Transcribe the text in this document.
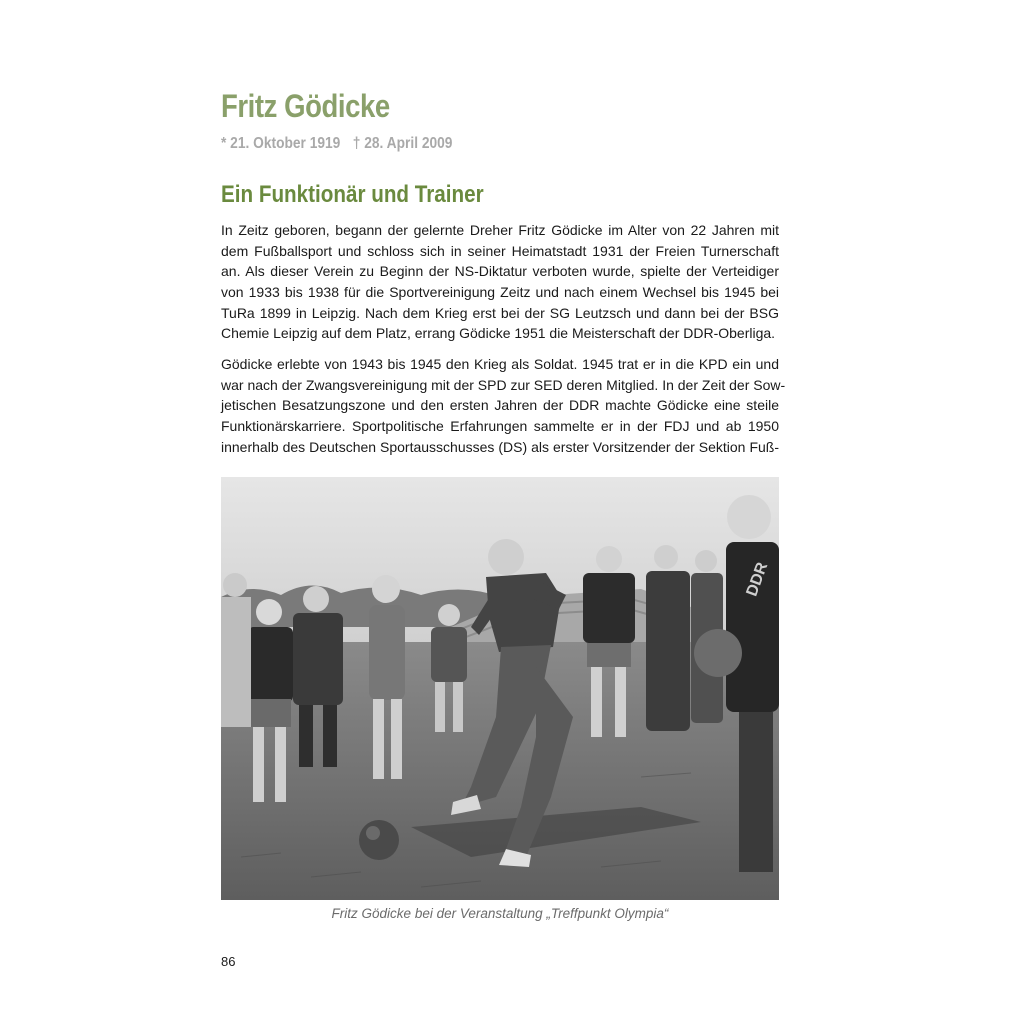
Fritz Gödicke
* 21. Oktober 1919 † 28. April 2009
Ein Funktionär und Trainer
In Zeitz geboren, begann der gelernte Dreher Fritz Gödicke im Alter von 22 Jahren mit
dem Fußballsport und schloss sich in seiner Heimatstadt 1931 der Freien Turnerschaft
an. Als dieser Verein zu Beginn der NS-Diktatur verboten wurde, spielte der Verteidiger
von 1933 bis 1938 für die Sportvereinigung Zeitz und nach einem Wechsel bis 1945 bei
TuRa 1899 in Leipzig. Nach dem Krieg erst bei der SG Leutzsch und dann bei der BSG
Chemie Leipzig auf dem Platz, errang Gödicke 1951 die Meisterschaft der DDR-Oberliga.
Gödicke erlebte von 1943 bis 1945 den Krieg als Soldat. 1945 trat er in die KPD ein und
war nach der Zwangsvereinigung mit der SPD zur SED deren Mitglied. In der Zeit der Sow-
jetischen Besatzungszone und den ersten Jahren der DDR machte Gödicke eine steile
Funktionärskarriere. Sportpolitische Erfahrungen sammelte er in der FDJ und ab 1950
innerhalb des Deutschen Sportausschusses (DS) als erster Vorsitzender der Sektion Fuß-
DDR
Fritz Gödicke bei der Veranstaltung „Treffpunkt Olympia“
86
